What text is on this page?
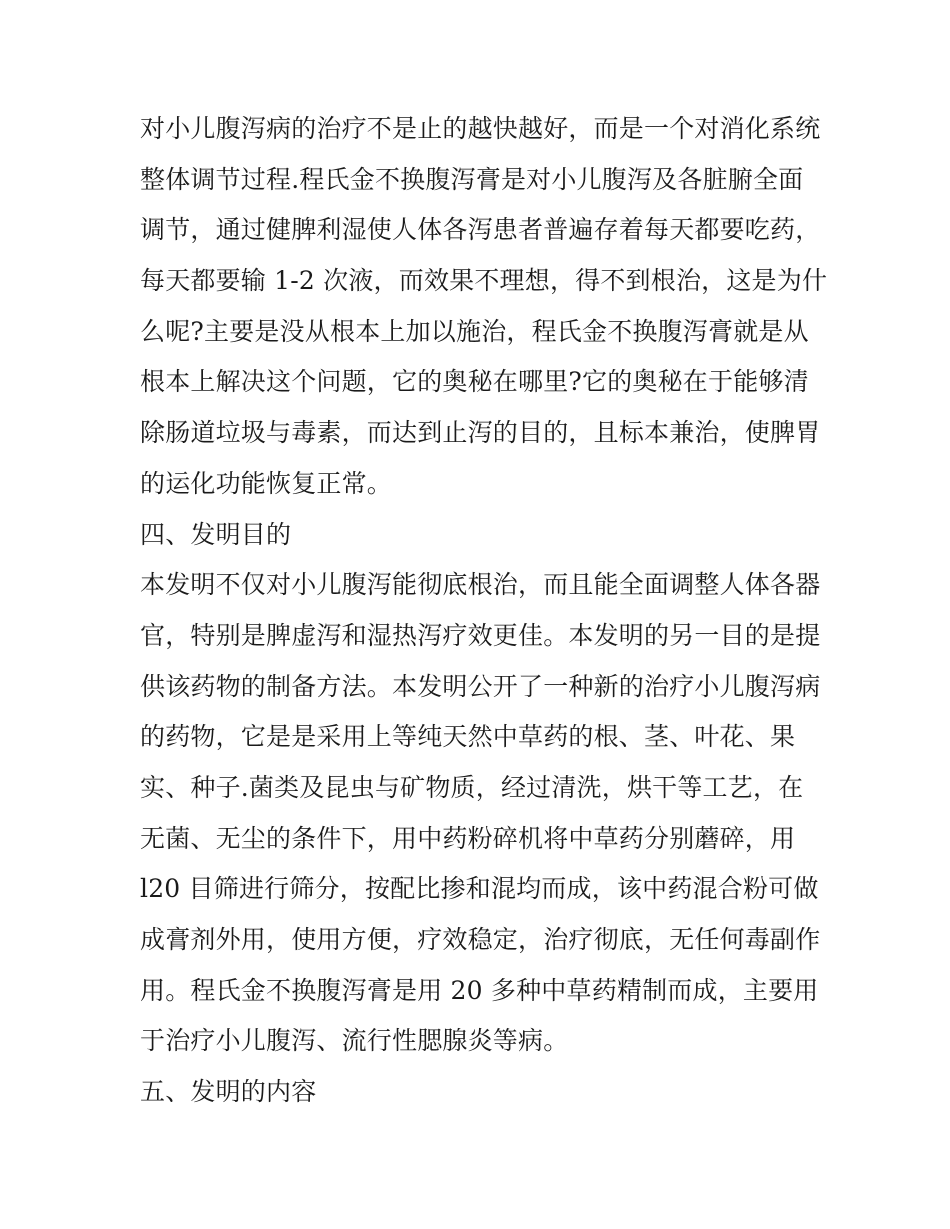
对小儿腹泻病的治疗不是止的越快越好，而是一个对消化系统
整体调节过程.程氏金不换腹泻膏是对小儿腹泻及各脏腑全面
调节，通过健脾利湿使人体各泻患者普遍存着每天都要吃药，
每天都要输 1-2 次液，而效果不理想，得不到根治，这是为什
么呢?主要是没从根本上加以施治，程氏金不换腹泻膏就是从
根本上解决这个问题，它的奥秘在哪里?它的奥秘在于能够清
除肠道垃圾与毒素，而达到止泻的目的，且标本兼治，使脾胃
的运化功能恢复正常。
四、发明目的
本发明不仅对小儿腹泻能彻底根治，而且能全面调整人体各器
官，特别是脾虚泻和湿热泻疗效更佳。本发明的另一目的是提
供该药物的制备方法。本发明公开了一种新的治疗小儿腹泻病
的药物，它是是采用上等纯天然中草药的根、茎、叶花、果
实、种子.菌类及昆虫与矿物质，经过清洗，烘干等工艺，在
无菌、无尘的条件下，用中药粉碎机将中草药分别蘑碎，用
l20 目筛进行筛分，按配比掺和混均而成，该中药混合粉可做
成膏剂外用，使用方便，疗效稳定，治疗彻底，无任何毒副作
用。程氏金不换腹泻膏是用 20 多种中草药精制而成，主要用
于治疗小儿腹泻、流行性腮腺炎等病。
五、发明的内容
